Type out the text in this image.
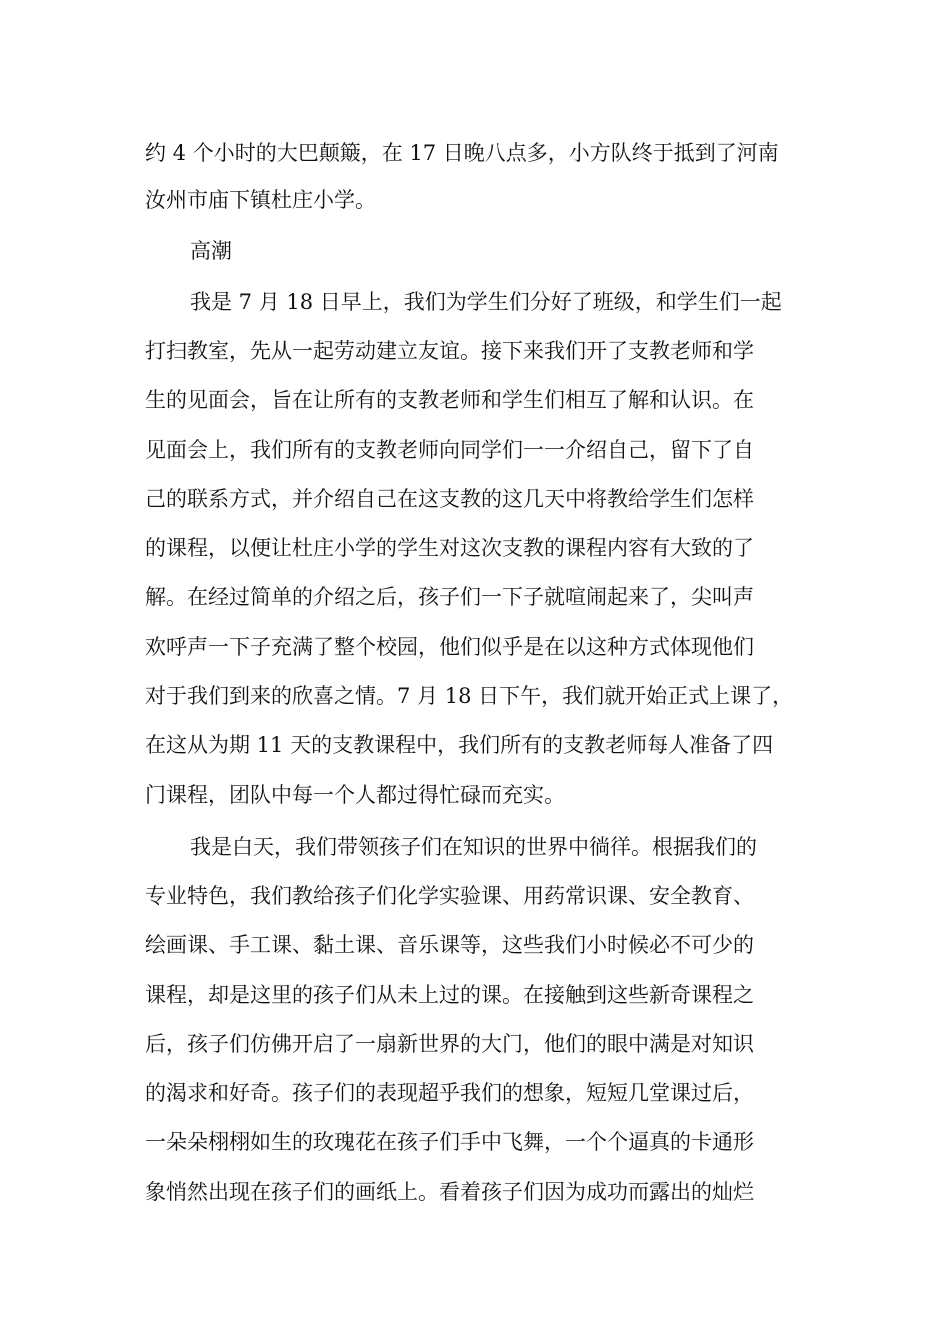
约 4 个小时的大巴颠簸，在 17 日晚八点多，小方队终于抵到了河南
汝州市庙下镇杜庄小学。
高潮
我是 7 月 18 日早上，我们为学生们分好了班级，和学生们一起
打扫教室，先从一起劳动建立友谊。接下来我们开了支教老师和学
生的见面会，旨在让所有的支教老师和学生们相互了解和认识。在
见面会上，我们所有的支教老师向同学们一一介绍自己，留下了自
己的联系方式，并介绍自己在这支教的这几天中将教给学生们怎样
的课程，以便让杜庄小学的学生对这次支教的课程内容有大致的了
解。在经过简单的介绍之后，孩子们一下子就喧闹起来了，尖叫声
欢呼声一下子充满了整个校园，他们似乎是在以这种方式体现他们
对于我们到来的欣喜之情。7 月 18 日下午，我们就开始正式上课了，
在这从为期 11 天的支教课程中，我们所有的支教老师每人准备了四
门课程，团队中每一个人都过得忙碌而充实。
我是白天，我们带领孩子们在知识的世界中徜徉。根据我们的
专业特色，我们教给孩子们化学实验课、用药常识课、安全教育、
绘画课、手工课、黏土课、音乐课等，这些我们小时候必不可少的
课程，却是这里的孩子们从未上过的课。在接触到这些新奇课程之
后，孩子们仿佛开启了一扇新世界的大门，他们的眼中满是对知识
的渴求和好奇。孩子们的表现超乎我们的想象，短短几堂课过后，
一朵朵栩栩如生的玫瑰花在孩子们手中飞舞，一个个逼真的卡通形
象悄然出现在孩子们的画纸上。看着孩子们因为成功而露出的灿烂
